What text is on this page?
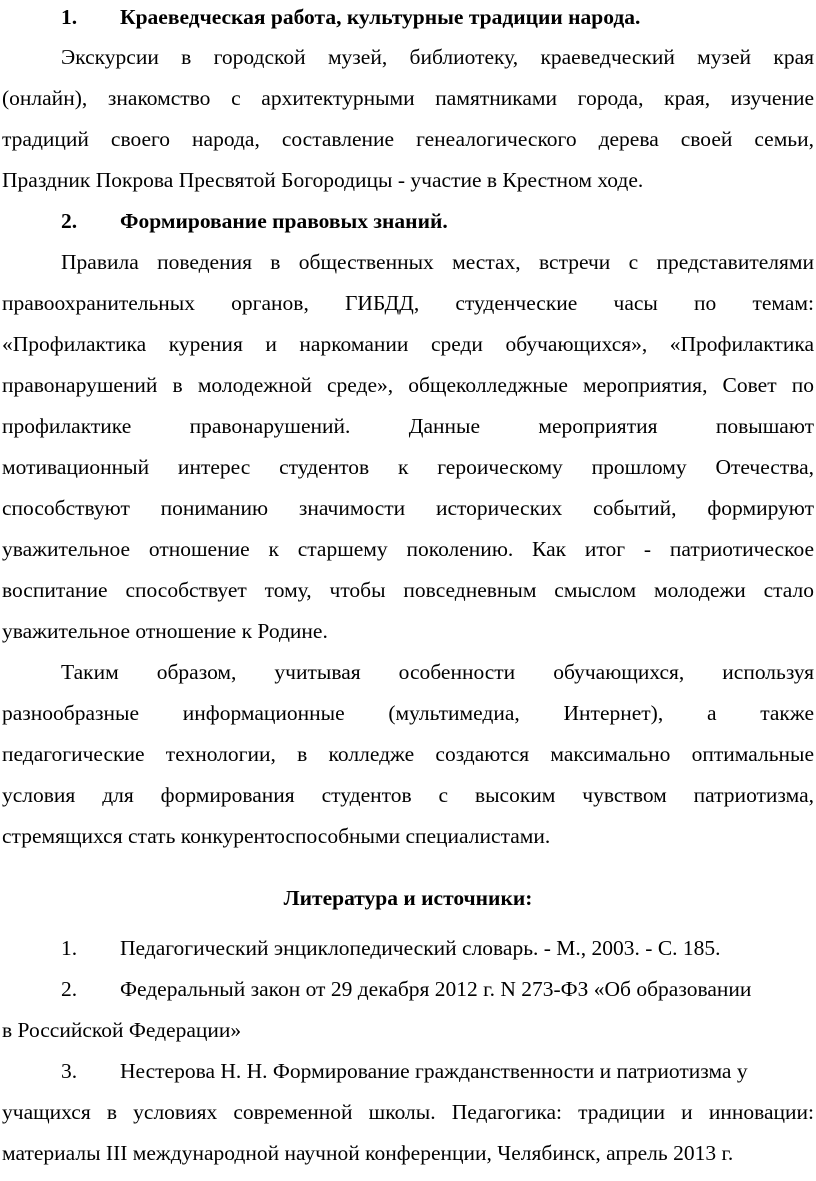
1. Краеведческая работа, культурные традиции народа.
Экскурсии в городской музей, библиотеку, краеведческий музей края
(онлайн), знакомство с архитектурными памятниками города, края, изучение
традиций своего народа, составление генеалогического дерева своей семьи,
Праздник Покрова Пресвятой Богородицы - участие в Крестном ходе.
2. Формирование правовых знаний.
Правила поведения в общественных местах, встречи с представителями
правоохранительных органов, ГИБДД, студенческие часы по темам:
«Профилактика курения и наркомании среди обучающихся», «Профилактика
правонарушений в молодежной среде», общеколледжные мероприятия, Совет по
профилактике правонарушений. Данные мероприятия повышают
мотивационный интерес студентов к героическому прошлому Отечества,
способствуют пониманию значимости исторических событий, формируют
уважительное отношение к старшему поколению. Как итог - патриотическое
воспитание способствует тому, чтобы повседневным смыслом молодежи стало
уважительное отношение к Родине.
Таким образом, учитывая особенности обучающихся, используя
разнообразные информационные (мультимедиа, Интернет), а также
педагогические технологии, в колледже создаются максимально оптимальные
условия для формирования студентов с высоким чувством патриотизма,
стремящихся стать конкурентоспособными специалистами.
Литература и источники:
1. Педагогический энциклопедический словарь. - М., 2003. - С. 185.
2. Федеральный закон от 29 декабря 2012 г. N 273-ФЗ «Об образовании
в Российской Федерации»
3. Нестерова Н. Н. Формирование гражданственности и патриотизма у
учащихся в условиях современной школы. Педагогика: традиции и инновации:
материалы III международной научной конференции, Челябинск, апрель 2013 г.
